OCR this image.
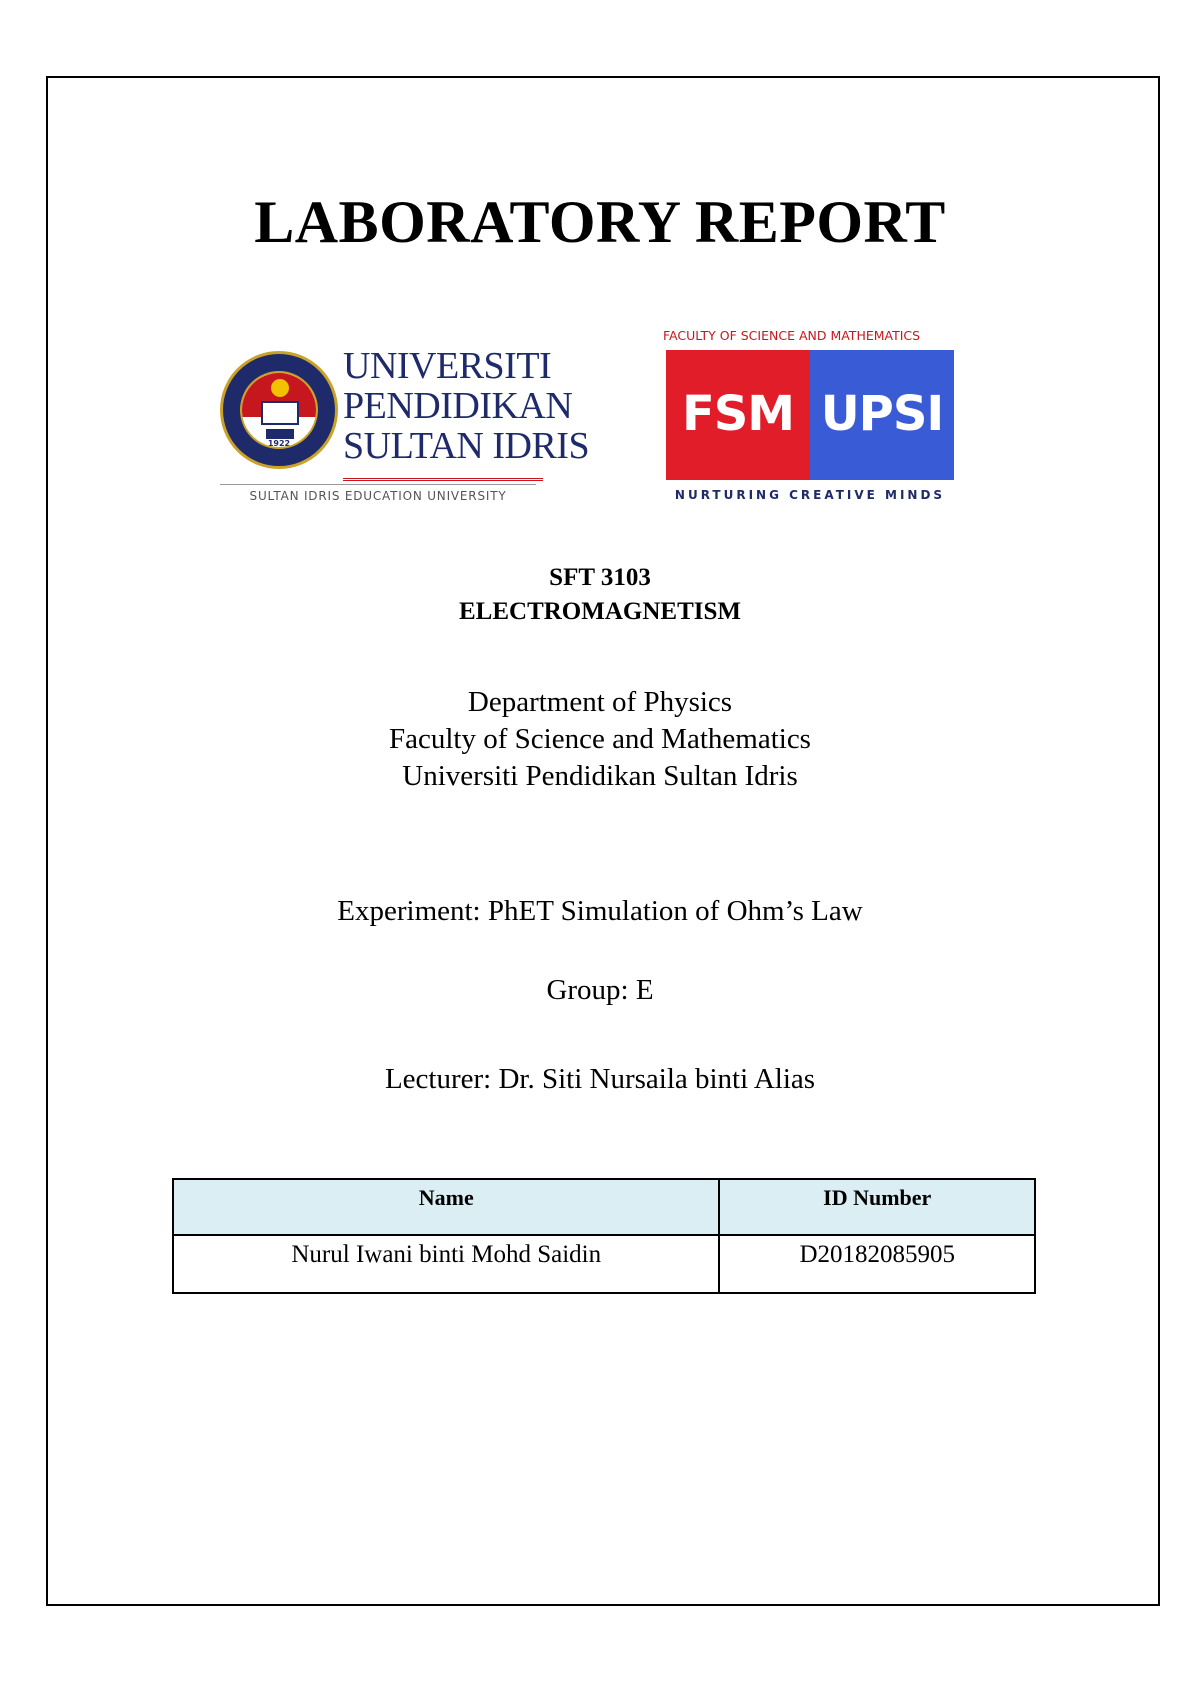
LABORATORY REPORT
1922
UNIVERSITI
PENDIDIKAN
SULTAN IDRIS
SULTAN IDRIS EDUCATION UNIVERSITY
FACULTY OF SCIENCE AND MATHEMATICS
FSM UPSI
NURTURING CREATIVE MINDS

SFT 3103

ELECTROMAGNETISM

Department of Physics

Faculty of Science and Mathematics

Universiti Pendidikan Sultan Idris

Experiment: PhET Simulation of Ohm’s Law

Group: E

Lecturer: Dr. Siti Nursaila binti Alias

Name	ID Number
Nurul Iwani binti Mohd Saidin	D20182085905
